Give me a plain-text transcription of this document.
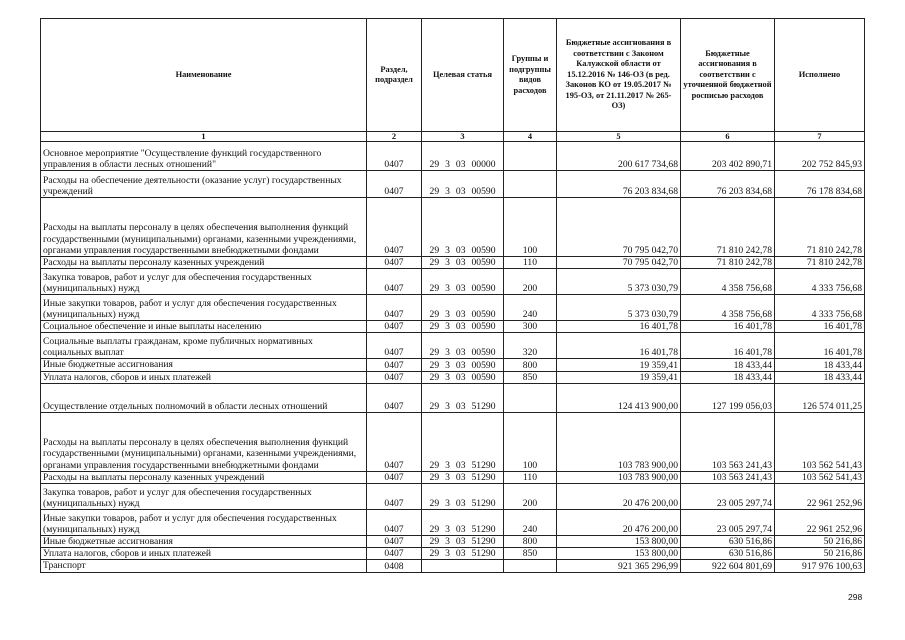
Наименование	Раздел, подраздел	Целевая статья	Группы и подгруппы видов расходов	Бюджетные ассигнования в соответствии с Законом Калужской области от 15.12.2016 № 146-ОЗ (в ред. Законов КО от 19.05.2017 № 195-ОЗ, от 21.11.2017 № 265-ОЗ)	Бюджетные ассигнования в соответствии с уточненной бюджетной росписью расходов	Исполнено
1	2	3	4	5	6	7
Основное мероприятие "Осуществление функций государственного управления в области лесных отношений"	0407	29 3 03 00000		200 617 734,68	203 402 890,71	202 752 845,93
Расходы на обеспечение деятельности (оказание услуг) государственных учреждений	0407	29 3 03 00590		76 203 834,68	76 203 834,68	76 178 834,68
Расходы на выплаты персоналу в целях обеспечения выполнения функций государственными (муниципальными) органами, казенными учреждениями, органами управления государственными внебюджетными фондами	0407	29 3 03 00590	100	70 795 042,70	71 810 242,78	71 810 242,78
Расходы на выплаты персоналу казенных учреждений	0407	29 3 03 00590	110	70 795 042,70	71 810 242,78	71 810 242,78
Закупка товаров, работ и услуг для обеспечения государственных (муниципальных) нужд	0407	29 3 03 00590	200	5 373 030,79	4 358 756,68	4 333 756,68
Иные закупки товаров, работ и услуг для обеспечения государственных (муниципальных) нужд	0407	29 3 03 00590	240	5 373 030,79	4 358 756,68	4 333 756,68
Социальное обеспечение и иные выплаты населению	0407	29 3 03 00590	300	16 401,78	16 401,78	16 401,78
Социальные выплаты гражданам, кроме публичных нормативных социальных выплат	0407	29 3 03 00590	320	16 401,78	16 401,78	16 401,78
Иные бюджетные ассигнования	0407	29 3 03 00590	800	19 359,41	18 433,44	18 433,44
Уплата налогов, сборов и иных платежей	0407	29 3 03 00590	850	19 359,41	18 433,44	18 433,44
Осуществление отдельных полномочий в области лесных отношений	0407	29 3 03 51290		124 413 900,00	127 199 056,03	126 574 011,25
Расходы на выплаты персоналу в целях обеспечения выполнения функций государственными (муниципальными) органами, казенными учреждениями, органами управления государственными внебюджетными фондами	0407	29 3 03 51290	100	103 783 900,00	103 563 241,43	103 562 541,43
Расходы на выплаты персоналу казенных учреждений	0407	29 3 03 51290	110	103 783 900,00	103 563 241,43	103 562 541,43
Закупка товаров, работ и услуг для обеспечения государственных (муниципальных) нужд	0407	29 3 03 51290	200	20 476 200,00	23 005 297,74	22 961 252,96
Иные закупки товаров, работ и услуг для обеспечения государственных (муниципальных) нужд	0407	29 3 03 51290	240	20 476 200,00	23 005 297,74	22 961 252,96
Иные бюджетные ассигнования	0407	29 3 03 51290	800	153 800,00	630 516,86	50 216,86
Уплата налогов, сборов и иных платежей	0407	29 3 03 51290	850	153 800,00	630 516,86	50 216,86
Транспорт	0408			921 365 296,99	922 604 801,69	917 976 100,63
298
